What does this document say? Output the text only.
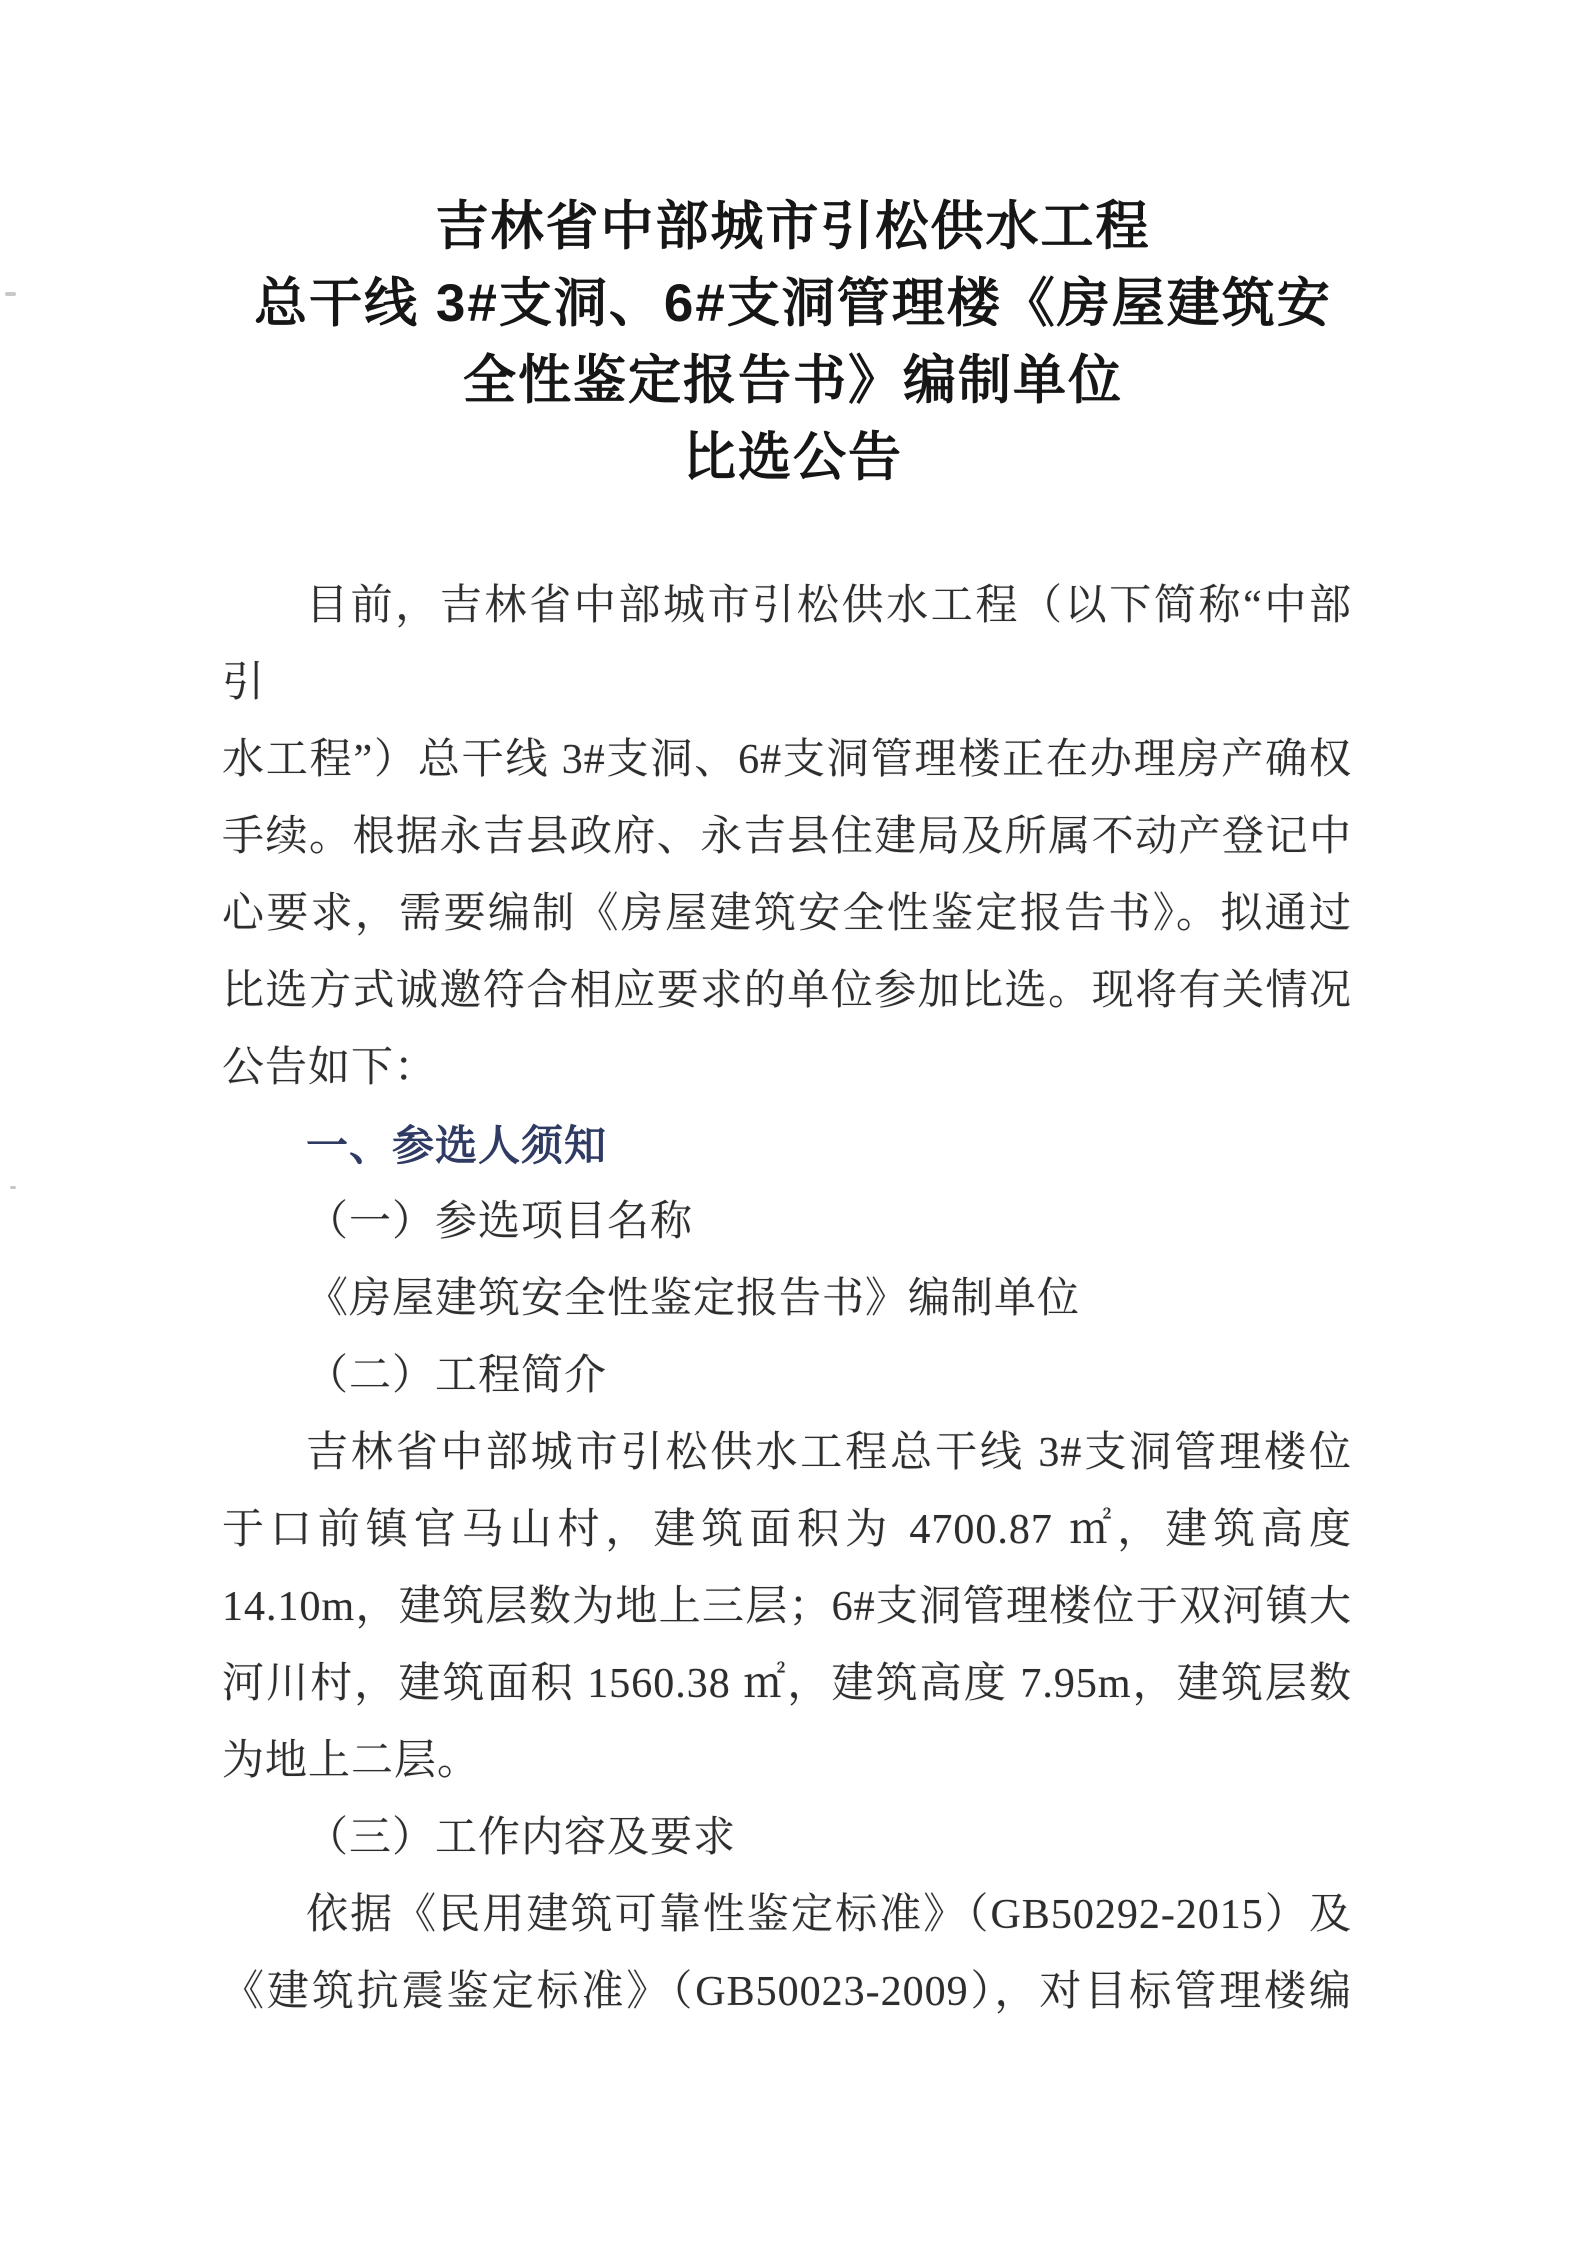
吉林省中部城市引松供水工程

总干线 3#支洞、6#支洞管理楼《房屋建筑安

全性鉴定报告书》编制单位

比选公告

目前，吉林省中部城市引松供水工程（以下简称“中部引

水工程”）总干线 3#支洞、6#支洞管理楼正在办理房产确权

手续。根据永吉县政府、永吉县住建局及所属不动产登记中

心要求，需要编制《房屋建筑安全性鉴定报告书》。拟通过

比选方式诚邀符合相应要求的单位参加比选。现将有关情况

公告如下：

一、参选人须知

（一）参选项目名称

《房屋建筑安全性鉴定报告书》编制单位

（二）工程简介

吉林省中部城市引松供水工程总干线 3#支洞管理楼位

于口前镇官马山村，建筑面积为 4700.87 ㎡，建筑高度

14.10m，建筑层数为地上三层；6#支洞管理楼位于双河镇大

河川村，建筑面积 1560.38 ㎡，建筑高度 7.95m，建筑层数

为地上二层。

（三）工作内容及要求

依据《民用建筑可靠性鉴定标准》（GB50292-2015）及

《建筑抗震鉴定标准》（GB50023-2009），对目标管理楼编
